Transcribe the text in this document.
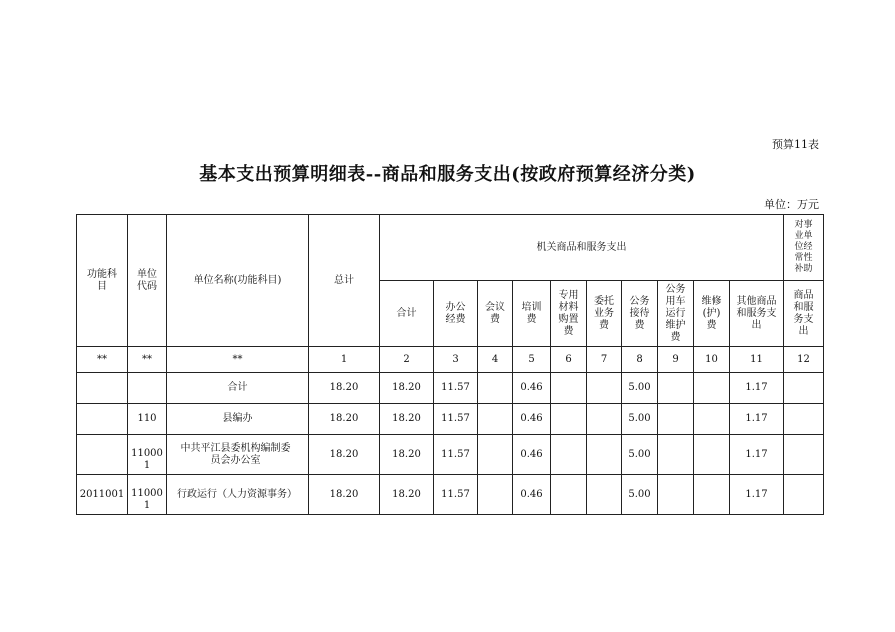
预算11表
基本支出预算明细表--商品和服务支出(按政府预算经济分类)
单位：万元
功能科目	单位代码	单位名称(功能科目)	总计	机关商品和服务支出										对事业单位经常性补助
				合计	办公经费	会议费	培训费	专用材料购置费	委托业务费	公务接待费	公务用车运行维护费	维修(护)费	其他商品和服务支出	商品和服务支出
**	**	**	1	2	3	4	5	6	7	8	9	10	11	12
		合计	18.20	18.20	11.57		0.46			5.00			1.17	
	110	县编办	18.20	18.20	11.57		0.46			5.00			1.17	
	110001	中共平江县委机构编制委员会办公室	18.20	18.20	11.57		0.46			5.00			1.17	
2011001	110001	行政运行（人力资源事务）	18.20	18.20	11.57		0.46			5.00			1.17	
